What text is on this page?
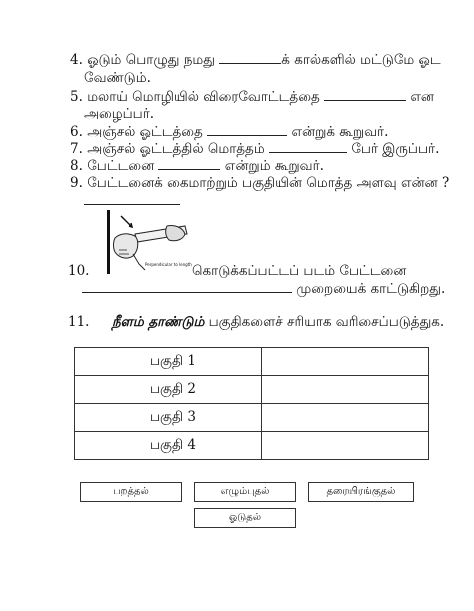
4. ஓடும் பொழுது நமது	க் கால்களில் மட்டுமே ஓட
வேண்டும்.
5. மலாய் மொழியில் விரைவோட்டத்தை	என
அழைப்பர்.
6. அஞ்சல் ஓட்டத்தை	என்றுக் கூறுவர்.
7. அஞ்சல் ஓட்டத்தில் மொத்தம்	பேர் இருப்பர்.
8. பேட்டனை	என்றும் கூறுவர்.
9. பேட்டனைக் கைமாற்றும் பகுதியின் மொத்த அளவு என்ன ?
Perpendicular to length
10.	கொடுக்கப்பட்டப் படம் பேட்டனை
முறையைக் காட்டுகிறது.
11. நீளம் தாண்டும் பகுதிகளைச் சரியாக வரிசைப்படுத்துக.
பகுதி 1	
பகுதி 2	
பகுதி 3	
பகுதி 4	
பறத்தல்	எழும்புதல்	தரையிரங்குதல்
ஓடுதல்
